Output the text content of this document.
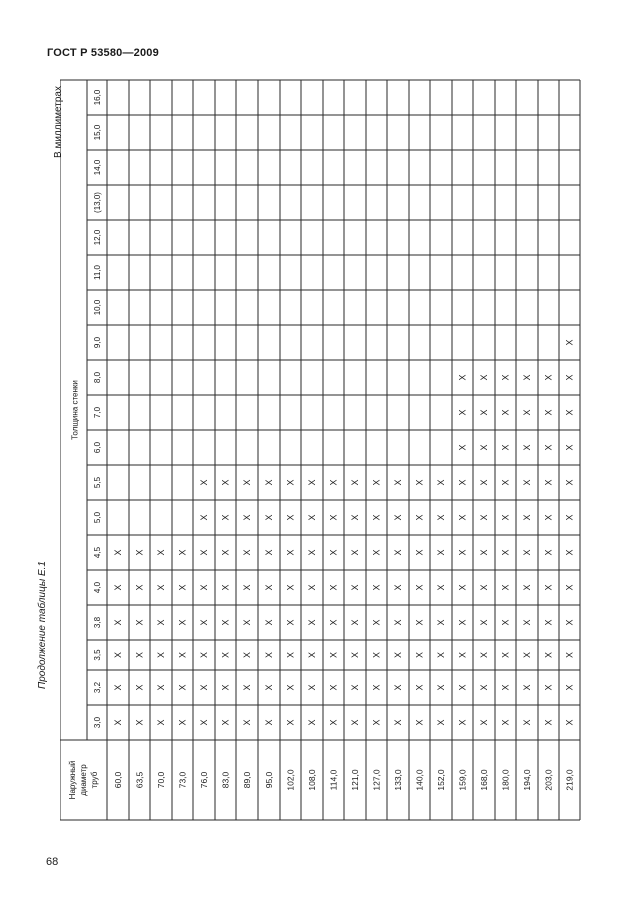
ГОСТ Р 53580—2009
Продолжение таблицы Е.1
В миллиметрах
68
Толщина стенки
3,0
3,2
3,5
3,8
4,0
4,5
5,0
5,5
6,0
7,0
8,0
9,0
10,0
11,0
12,0
(13,0)
14,0
15,0
16,0
Наружный диаметр труб 60,0
X
X
X
X
X
X
63,5
X
X
X
X
X
X
70,0
X
X
X
X
X
X
73,0
X
X
X
X
X
X
76,0
X
X
X
X
X
X
X
X
83,0
X
X
X
X
X
X
X
X
89,0
X
X
X
X
X
X
X
X
95,0
X
X
X
X
X
X
X
X
102,0
X
X
X
X
X
X
X
X
108,0
X
X
X
X
X
X
X
X
114,0
X
X
X
X
X
X
X
X
121,0
X
X
X
X
X
X
X
X
127,0
X
X
X
X
X
X
X
X
133,0
X
X
X
X
X
X
X
X
140,0
X
X
X
X
X
X
X
X
152,0
X
X
X
X
X
X
X
X
159,0
X
X
X
X
X
X
X
X
X
X
X
168,0
X
X
X
X
X
X
X
X
X
X
X
180,0
X
X
X
X
X
X
X
X
X
X
X
194,0
X
X
X
X
X
X
X
X
X
X
X
203,0
X
X
X
X
X
X
X
X
X
X
X
219,0
X
X
X
X
X
X
X
X
X
X
X
X
